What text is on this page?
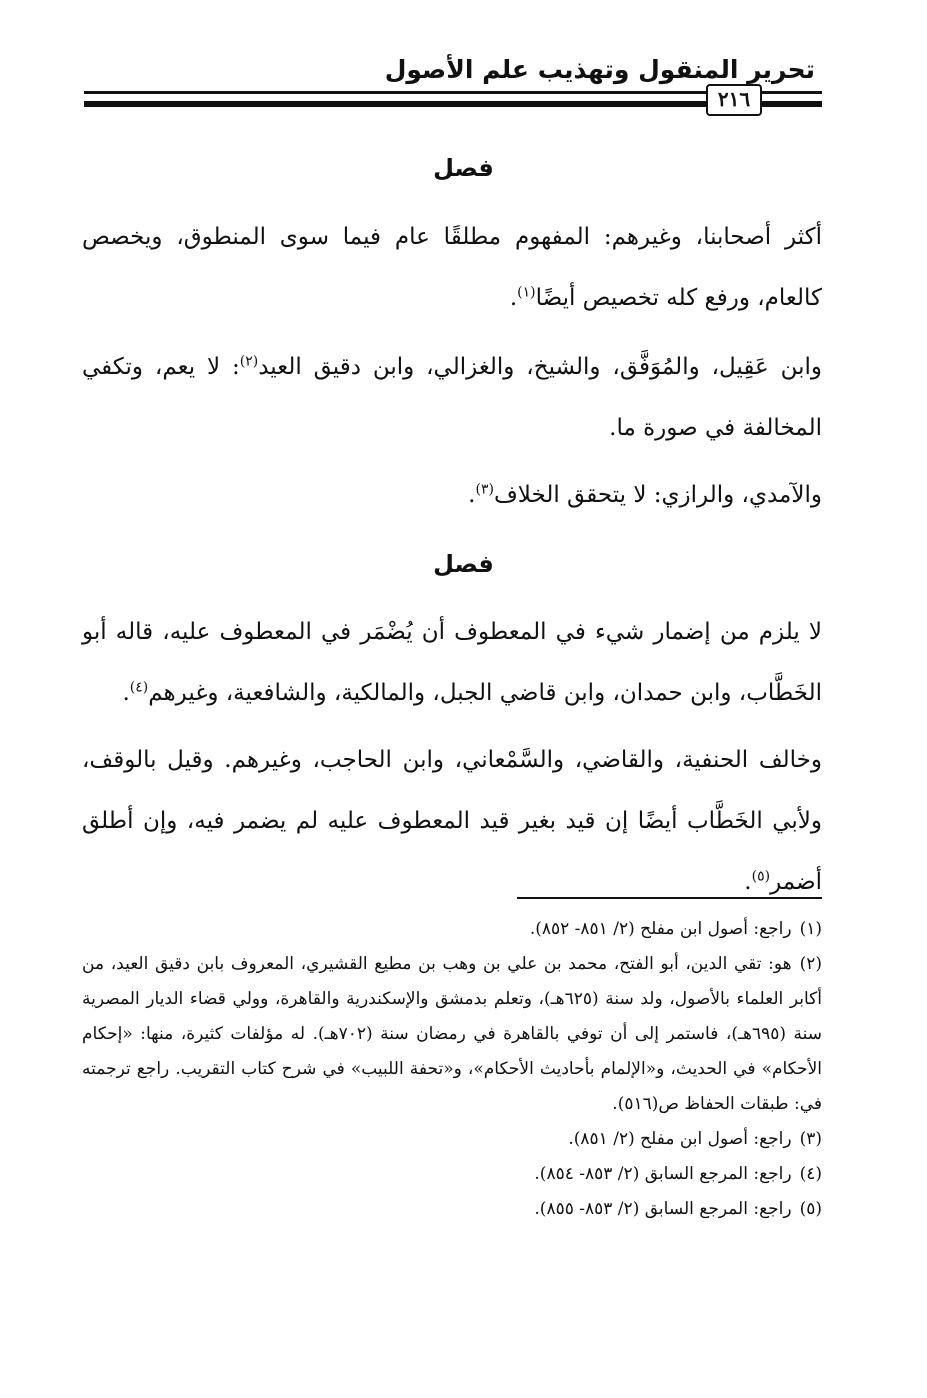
تحرير المنقول وتهذيب علم الأصول
٢١٦
فصل

أكثر أصحابنا، وغيرهم: المفهوم مطلقًا عام فيما سوى المنطوق، ويخصص كالعام، ورفع كله تخصيص أيضًا$^{(١)}$.

وابن عَقِيل، والمُوَفَّق، والشيخ، والغزالي، وابن دقيق العيد$^{(٢)}$: لا يعم، وتكفي المخالفة في صورة ما.

والآمدي، والرازي: لا يتحقق الخلاف$^{(٣)}$.

فصل

لا يلزم من إضمار شيء في المعطوف أن يُضْمَر في المعطوف عليه، قاله أبو الخَطَّاب، وابن حمدان، وابن قاضي الجبل، والمالكية، والشافعية، وغيرهم$^{(٤)}$.

وخالف الحنفية، والقاضي، والسَّمْعاني، وابن الحاجب، وغيرهم. وقيل بالوقف، ولأبي الخَطَّاب أيضًا إن قيد بغير قيد المعطوف عليه لم يضمر فيه، وإن أطلق أضمر$^{(٥)}$.

(١)راجع: أصول ابن مفلح (٢/ ٨٥١- ٨٥٢).

(٢)هو: تقي الدين، أبو الفتح، محمد بن علي بن وهب بن مطيع القشيري، المعروف بابن دقيق العيد، من أكابر العلماء بالأصول، ولد سنة (٦٢٥هـ)، وتعلم بدمشق والإسكندرية والقاهرة، وولي قضاء الديار المصرية سنة (٦٩٥هـ)، فاستمر إلى أن توفي بالقاهرة في رمضان سنة (٧٠٢هـ). له مؤلفات كثيرة، منها: «إحكام الأحكام» في الحديث، و«الإلمام بأحاديث الأحكام»، و«تحفة اللبيب» في شرح كتاب التقريب. راجع ترجمته في: طبقات الحفاظ ص(٥١٦).

(٣)راجع: أصول ابن مفلح (٢/ ٨٥١).

(٤)راجع: المرجع السابق (٢/ ٨٥٣- ٨٥٤).

(٥)راجع: المرجع السابق (٢/ ٨٥٣- ٨٥٥).
